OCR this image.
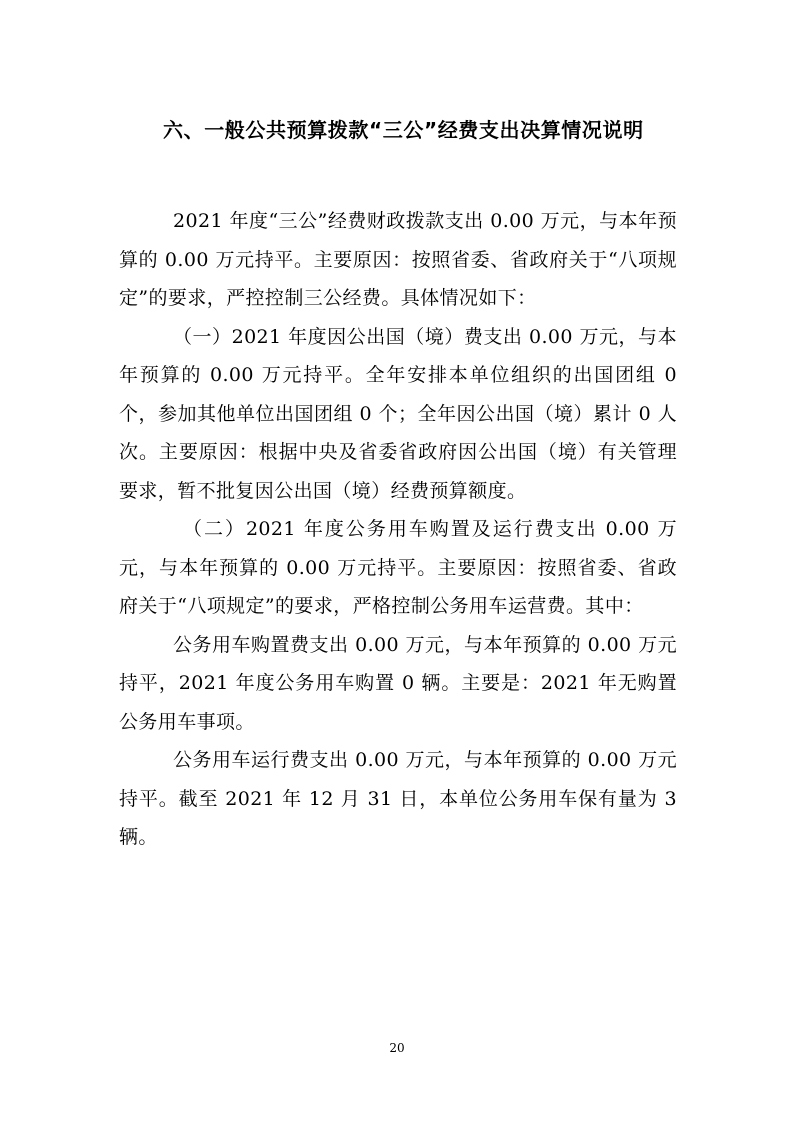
六、一般公共预算拨款“三公”经费支出决算情况说明

2021 年度“三公”经费财政拨款支出 0.00 万元，与本年预算的 0.00 万元持平。主要原因：按照省委、省政府关于“八项规定”的要求，严控控制三公经费。具体情况如下：

（一）2021 年度因公出国（境）费支出 0.00 万元，与本年预算的 0.00 万元持平。全年安排本单位组织的出国团组 0 个，参加其他单位出国团组 0 个；全年因公出国（境）累计 0 人次。主要原因：根据中央及省委省政府因公出国（境）有关管理要求，暂不批复因公出国（境）经费预算额度。

（二）2021 年度公务用车购置及运行费支出 0.00 万元，与本年预算的 0.00 万元持平。主要原因：按照省委、省政府关于“八项规定”的要求，严格控制公务用车运营费。其中：

公务用车购置费支出 0.00 万元，与本年预算的 0.00 万元持平，2021 年度公务用车购置 0 辆。主要是：2021 年无购置公务用车事项。

公务用车运行费支出 0.00 万元，与本年预算的 0.00 万元持平。截至 2021 年 12 月 31 日，本单位公务用车保有量为 3 辆。

20
